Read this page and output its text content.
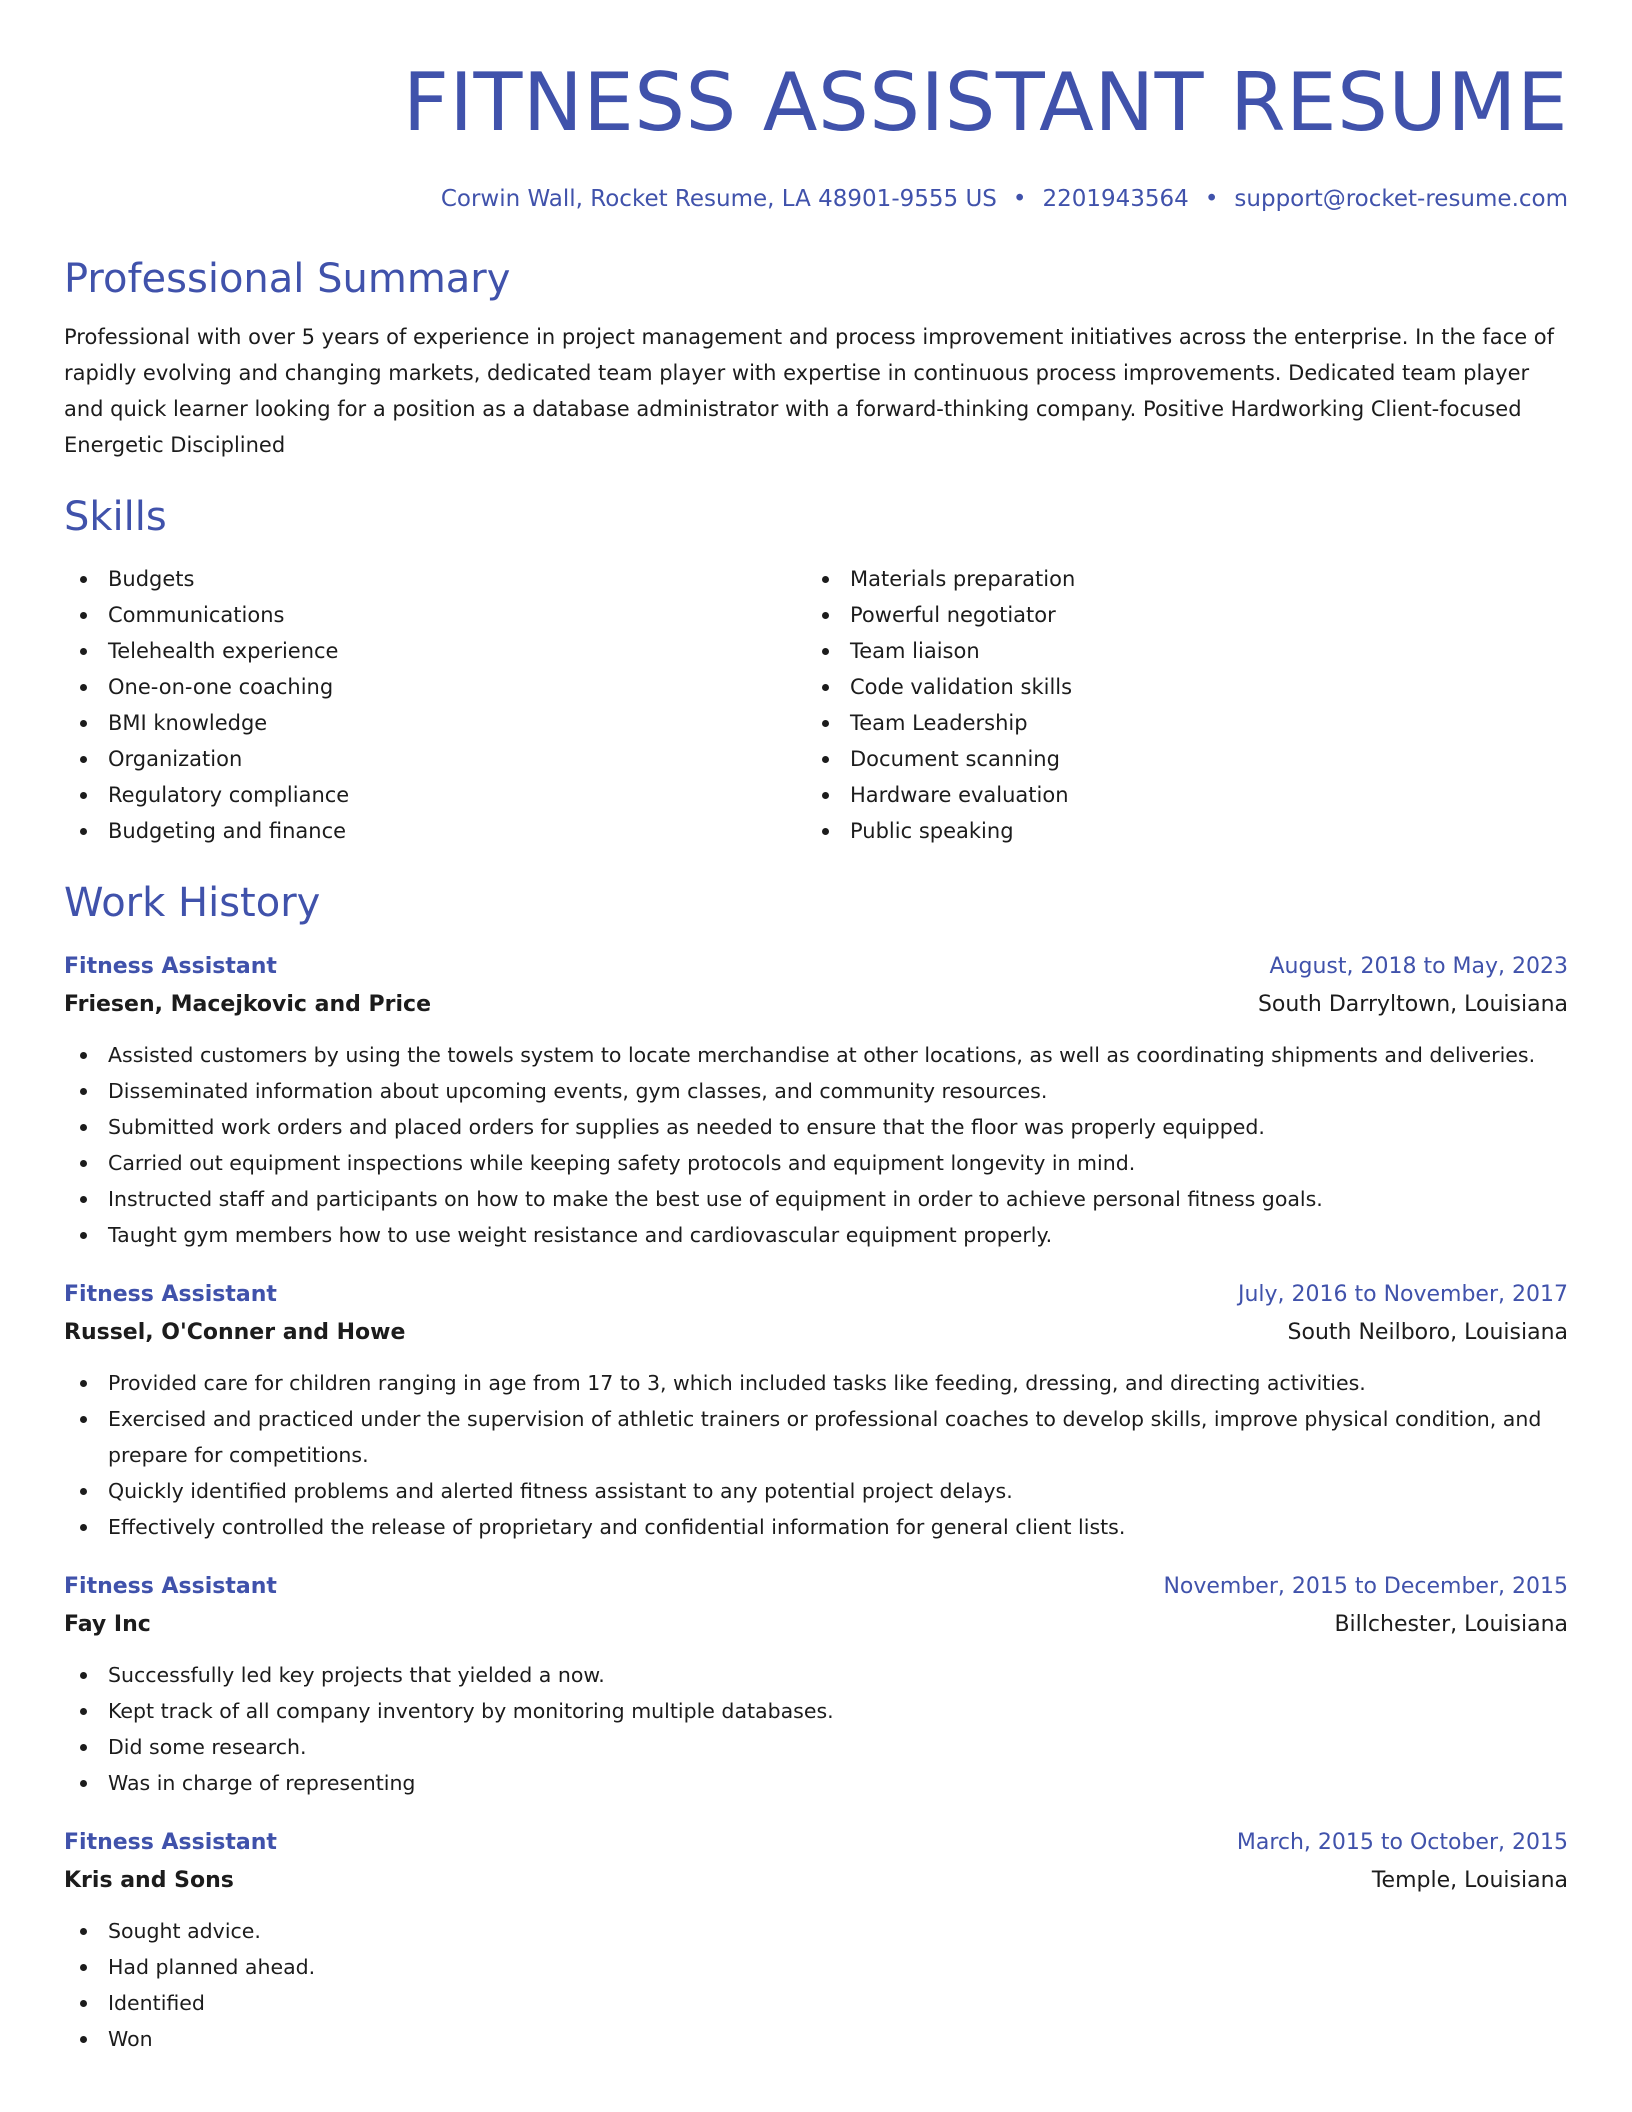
FITNESS ASSISTANT RESUME
Corwin Wall, Rocket Resume, LA 48901-9555 US • 2201943564 • support@rocket-resume.com
Professional Summary

Professional with over 5 years of experience in project management and process improvement initiatives across the enterprise. In the face of rapidly evolving and changing markets, dedicated team player with expertise in continuous process improvements. Dedicated team player and quick learner looking for a position as a database administrator with a forward-thinking company. Positive Hardworking Client-focused Energetic Disciplined

Skills
Budgets
Communications
Telehealth experience
One-on-one coaching
BMI knowledge
Organization
Regulatory compliance
Budgeting and finance
Materials preparation
Powerful negotiator
Team liaison
Code validation skills
Team Leadership
Document scanning
Hardware evaluation
Public speaking
Work History
Fitness Assistant	August, 2018 to May, 2023
Friesen, Macejkovic and Price	South Darryltown, Louisiana
Assisted customers by using the towels system to locate merchandise at other locations, as well as coordinating shipments and deliveries.
Disseminated information about upcoming events, gym classes, and community resources.
Submitted work orders and placed orders for supplies as needed to ensure that the floor was properly equipped.
Carried out equipment inspections while keeping safety protocols and equipment longevity in mind.
Instructed staff and participants on how to make the best use of equipment in order to achieve personal fitness goals.
Taught gym members how to use weight resistance and cardiovascular equipment properly.
Fitness Assistant	July, 2016 to November, 2017
Russel, O'Conner and Howe	South Neilboro, Louisiana
Provided care for children ranging in age from 17 to 3, which included tasks like feeding, dressing, and directing activities.
Exercised and practiced under the supervision of athletic trainers or professional coaches to develop skills, improve physical condition, and prepare for competitions.
Quickly identified problems and alerted fitness assistant to any potential project delays.
Effectively controlled the release of proprietary and confidential information for general client lists.
Fitness Assistant	November, 2015 to December, 2015
Fay Inc	Billchester, Louisiana
Successfully led key projects that yielded a now.
Kept track of all company inventory by monitoring multiple databases.
Did some research.
Was in charge of representing
Fitness Assistant	March, 2015 to October, 2015
Kris and Sons	Temple, Louisiana
Sought advice.
Had planned ahead.
Identified
Won
